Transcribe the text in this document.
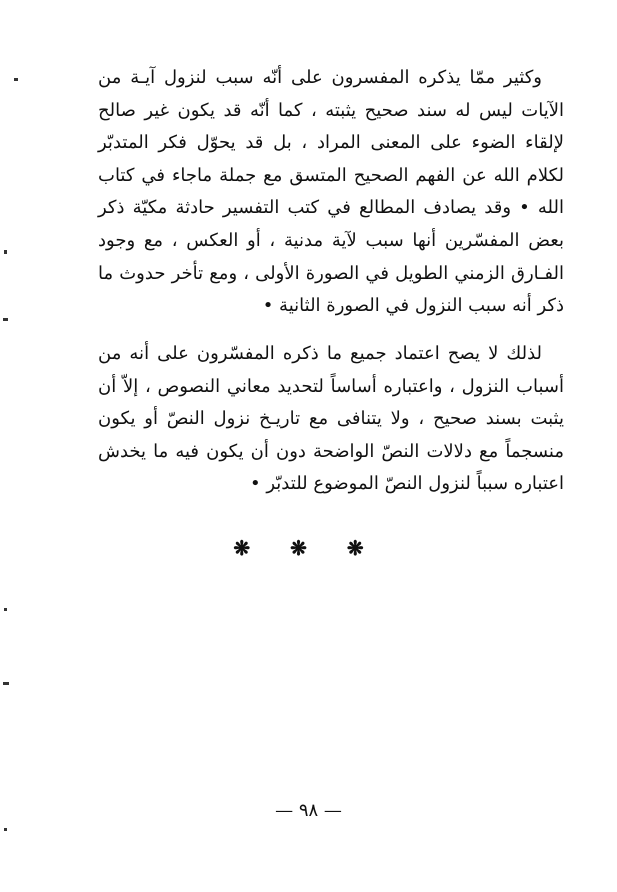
وكثير ممّا يذكره المفسرون على أنّه سبب لنزول آيـة من الآيات ليس له سند صحيح يثبته ، كما أنّه قد يكون غير صالح لإلقاء الضوء على المعنى المراد ، بل قد يحوّل فكر المتدبّر لكلام الله عن الفهم الصحيح المتسق مع جملة ماجاء في كتاب الله • وقد يصادف المطالع في كتب التفسير حادثة مكيّة ذكر بعض المفسّرين أنها سبب لآية مدنية ، أو العكس ، مع وجود الفـارق الزمني الطويل في الصورة الأولى ، ومع تأخر حدوث ما ذكر أنه سبب النزول في الصورة الثانية •

لذلك لا يصح اعتماد جميع ما ذكره المفسّرون على أنه من أسباب النزول ، واعتباره أساساً لتحديد معاني النصوص ، إلاّ أن يثبت بسند صحيح ، ولا يتنافى مع تاريـخ نزول النصّ أو يكون منسجماً مع دلالات النصّ الواضحة دون أن يكون فيه ما يخدش اعتباره سبباً لنزول النصّ الموضوع للتدبّر •

❋ ❋ ❋
— ٩٨ —
